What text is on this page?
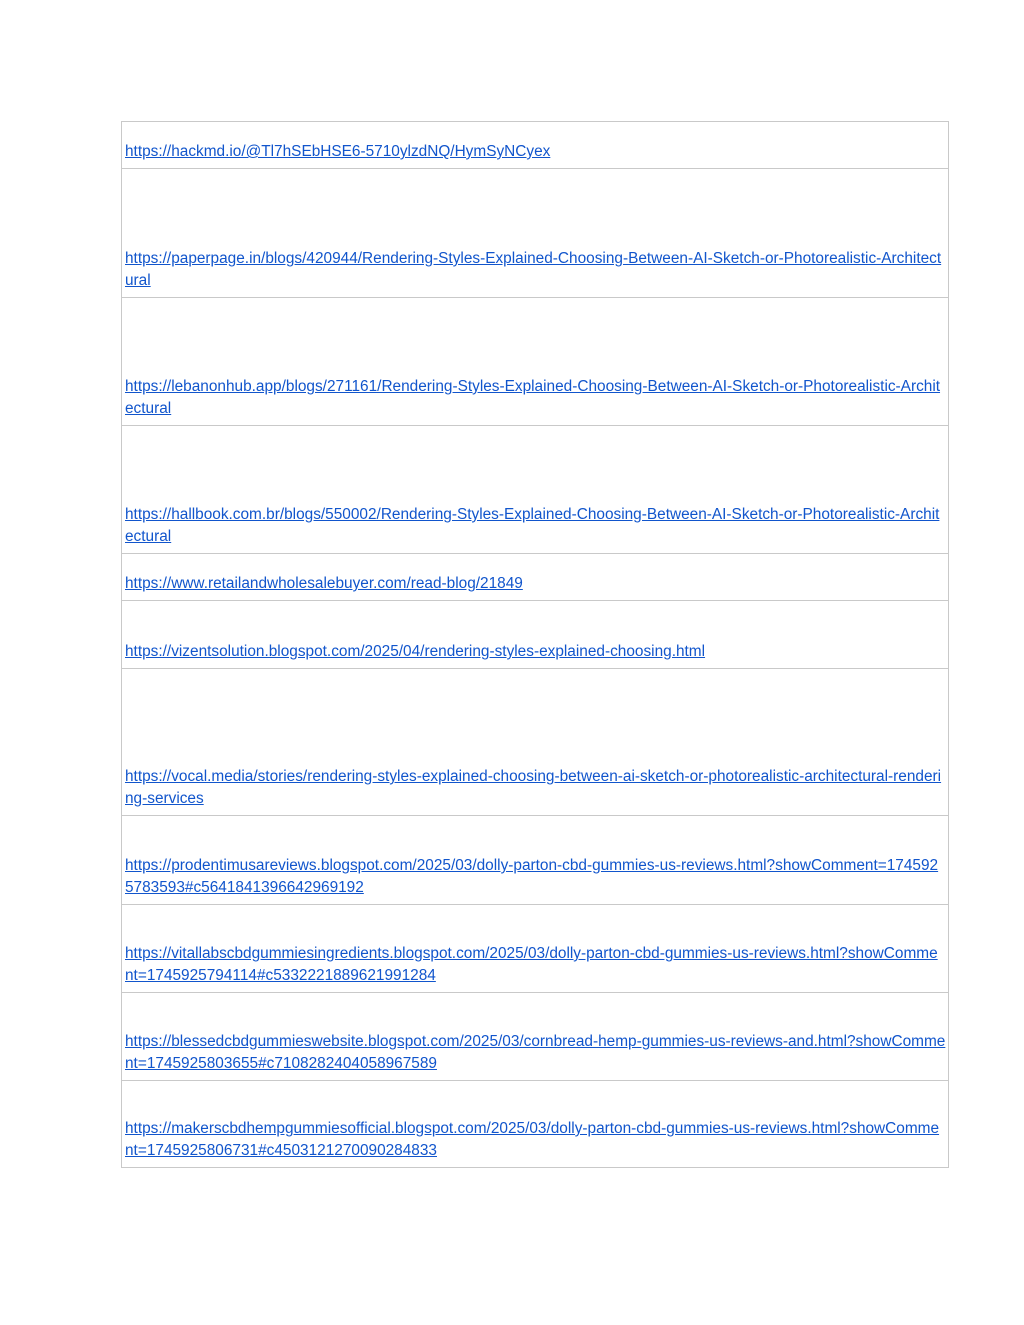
https://hackmd.io/@Tl7hSEbHSE6-5710ylzdNQ/HymSyNCyex
https://paperpage.in/blogs/420944/Rendering-Styles-Explained-Choosing-Between-AI-Sketch-or-Photorealistic-Architectural
https://lebanonhub.app/blogs/271161/Rendering-Styles-Explained-Choosing-Between-AI-Sketch-or-Photorealistic-Architectural
https://hallbook.com.br/blogs/550002/Rendering-Styles-Explained-Choosing-Between-AI-Sketch-or-Photorealistic-Architectural
https://www.retailandwholesalebuyer.com/read-blog/21849
https://vizentsolution.blogspot.com/2025/04/rendering-styles-explained-choosing.html
https://vocal.media/stories/rendering-styles-explained-choosing-between-ai-sketch-or-photorealistic-architectural-rendering-services
https://prodentimusareviews.blogspot.com/2025/03/dolly-parton-cbd-gummies-us-reviews.html?showComment=1745925783593#c5641841396642969192
https://vitallabscbdgummiesingredients.blogspot.com/2025/03/dolly-parton-cbd-gummies-us-reviews.html?showComment=1745925794114#c5332221889621991284
https://blessedcbdgummieswebsite.blogspot.com/2025/03/cornbread-hemp-gummies-us-reviews-and.html?showComment=1745925803655#c7108282404058967589
https://makerscbdhempgummiesofficial.blogspot.com/2025/03/dolly-parton-cbd-gummies-us-reviews.html?showComment=1745925806731#c4503121270090284833
